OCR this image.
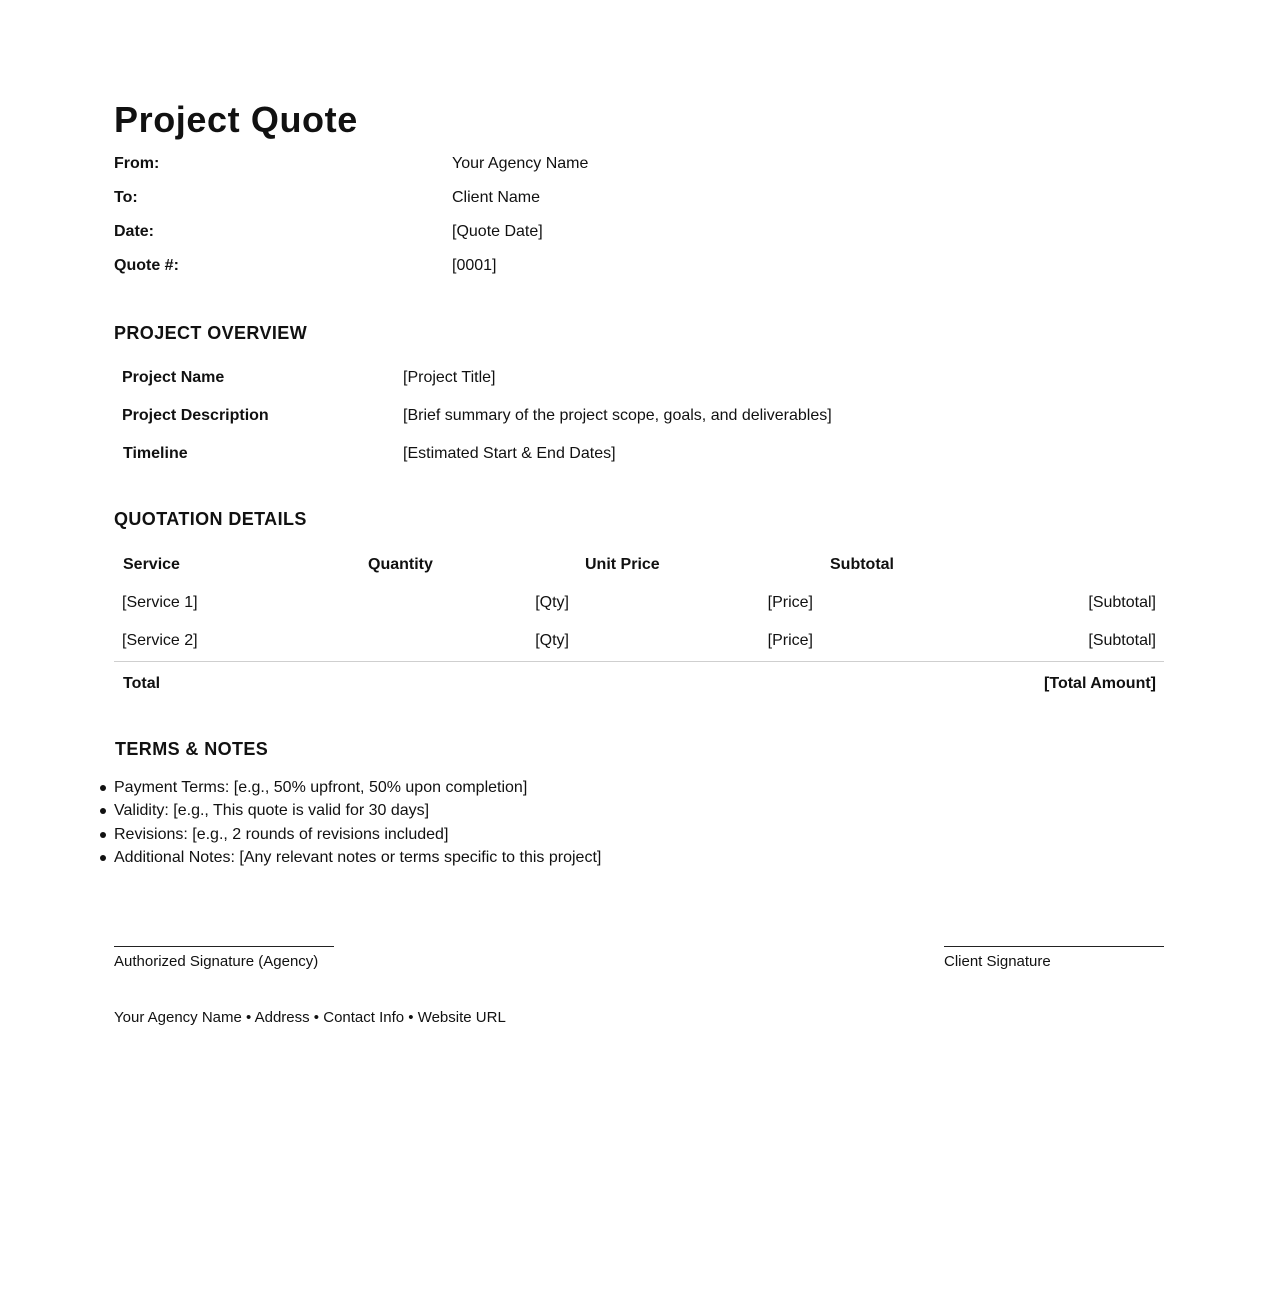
Project Quote
From:	Your Agency Name
To:	Client Name
Date:	[Quote Date]
Quote #:	[0001]
PROJECT OVERVIEW
Project Name	[Project Title]
Project Description	[Brief summary of the project scope, goals, and deliverables]
Timeline	[Estimated Start & End Dates]
QUOTATION DETAILS
Service	Quantity	Unit Price	Subtotal
[Service 1]	[Qty]	[Price]	[Subtotal]
[Service 2]	[Qty]	[Price]	[Subtotal]
Total	[Total Amount]
TERMS & NOTES
Payment Terms: [e.g., 50% upfront, 50% upon completion]
Validity: [e.g., This quote is valid for 30 days]
Revisions: [e.g., 2 rounds of revisions included]
Additional Notes: [Any relevant notes or terms specific to this project]
Authorized Signature (Agency)	Client Signature
Your Agency Name • Address • Contact Info • Website URL
